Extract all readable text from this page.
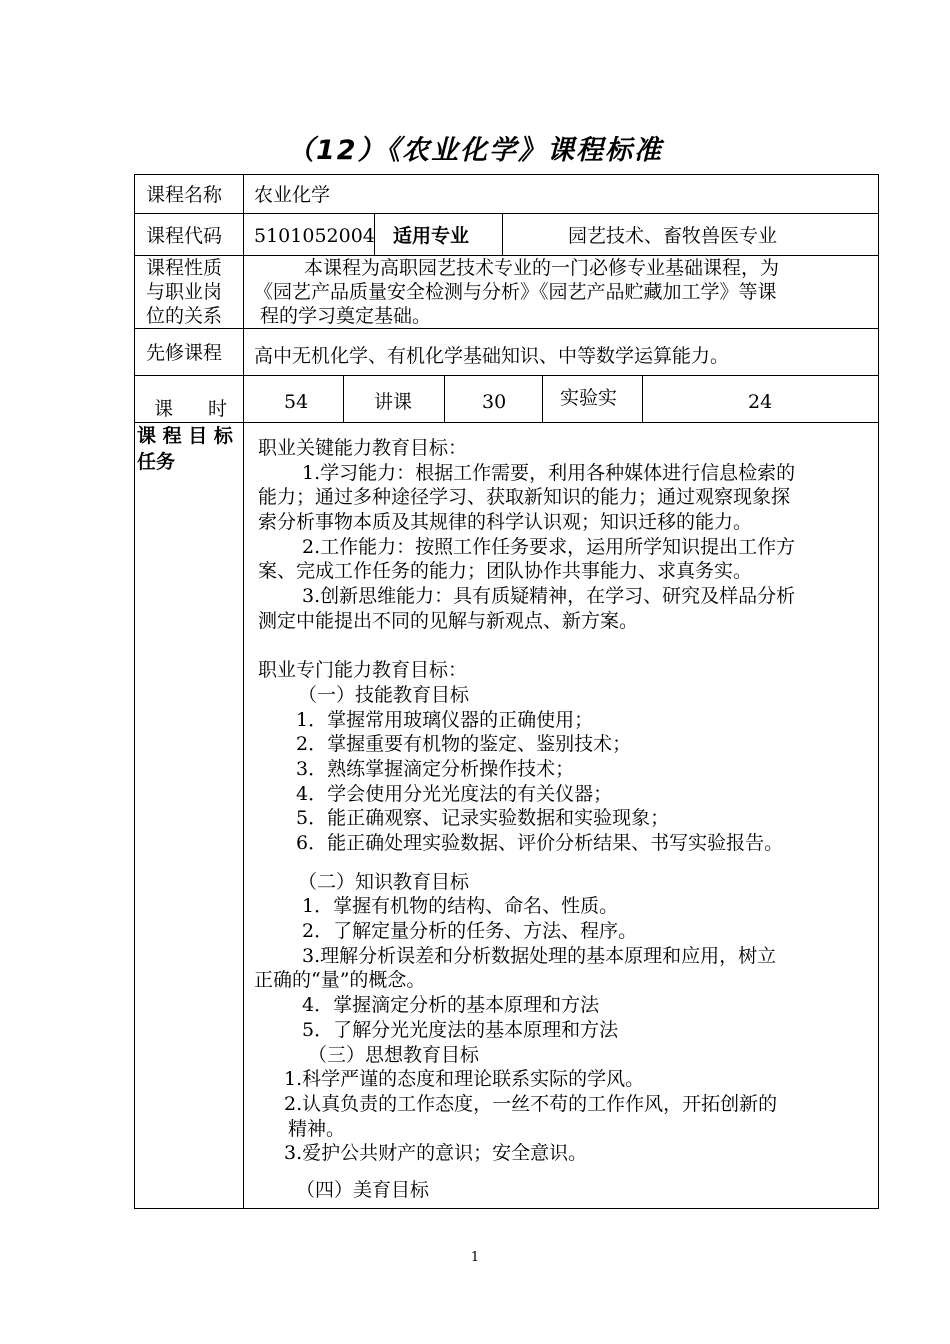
（12）《农业化学》课程标准
课程名称 农业化学
课程代码 5101052004 适用专业	园艺技术、畜牧兽医专业
课程性质
与职业岗
位的关系
本课程为高职园艺技术专业的一门必修专业基础课程，为
《园艺产品质量安全检测与分析》《园艺产品贮藏加工学》等课
程的学习奠定基础。
先修课程 高中无机化学、有机化学基础知识、中等数学运算能力。
课 时	54	讲课	30	实验实	24
课 程 目 标
任务
职业关键能力教育目标：
1.学习能力：根据工作需要，利用各种媒体进行信息检索的
能力；通过多种途径学习、获取新知识的能力；通过观察现象探
索分析事物本质及其规律的科学认识观；知识迁移的能力。
2.工作能力：按照工作任务要求，运用所学知识提出工作方
案、完成工作任务的能力；团队协作共事能力、求真务实。
3.创新思维能力：具有质疑精神，在学习、研究及样品分析
测定中能提出不同的见解与新观点、新方案。
职业专门能力教育目标：
（一）技能教育目标
1．掌握常用玻璃仪器的正确使用；
2．掌握重要有机物的鉴定、鉴别技术；
3．熟练掌握滴定分析操作技术；
4．学会使用分光光度法的有关仪器；
5．能正确观察、记录实验数据和实验现象；
6．能正确处理实验数据、评价分析结果、书写实验报告。
（二）知识教育目标
1．掌握有机物的结构、命名、性质。
2．了解定量分析的任务、方法、程序。
3.理解分析误差和分析数据处理的基本原理和应用，树立
正确的“量”的概念。
4．掌握滴定分析的基本原理和方法
5．了解分光光度法的基本原理和方法
（三）思想教育目标
1.科学严谨的态度和理论联系实际的学风。
2.认真负责的工作态度，一丝不苟的工作作风，开拓创新的
精神。
3.爱护公共财产的意识；安全意识。
（四）美育目标
1
